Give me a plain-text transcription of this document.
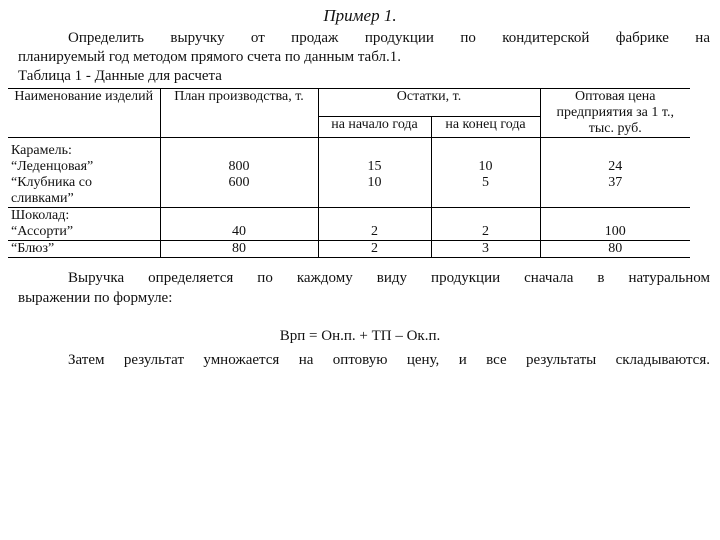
Пример 1.
Определить выручку от продаж продукции по кондитерской фабрике на
планируемый год методом прямого счета по данным табл.1.
Таблица 1 - Данные для расчета
Наименование изделий	План производства, т.	Остатки, т.		Оптовая цена предприятия за 1 т., тыс. руб.
		на начало года	на конец года	
Карамель:				
“Леденцовая”	800	15	10	24
“Клубника со сливками”	600	10	5	37
Шоколад:				
“Ассорти”	40	2	2	100
“Блюз”	80	2	3	80
Выручка определяется по каждому виду продукции сначала в натуральном
выражении по формуле:
Врп = Он.п. + ТП – Ок.п.
Затем результат умножается на оптовую цену, и все результаты складываются.
